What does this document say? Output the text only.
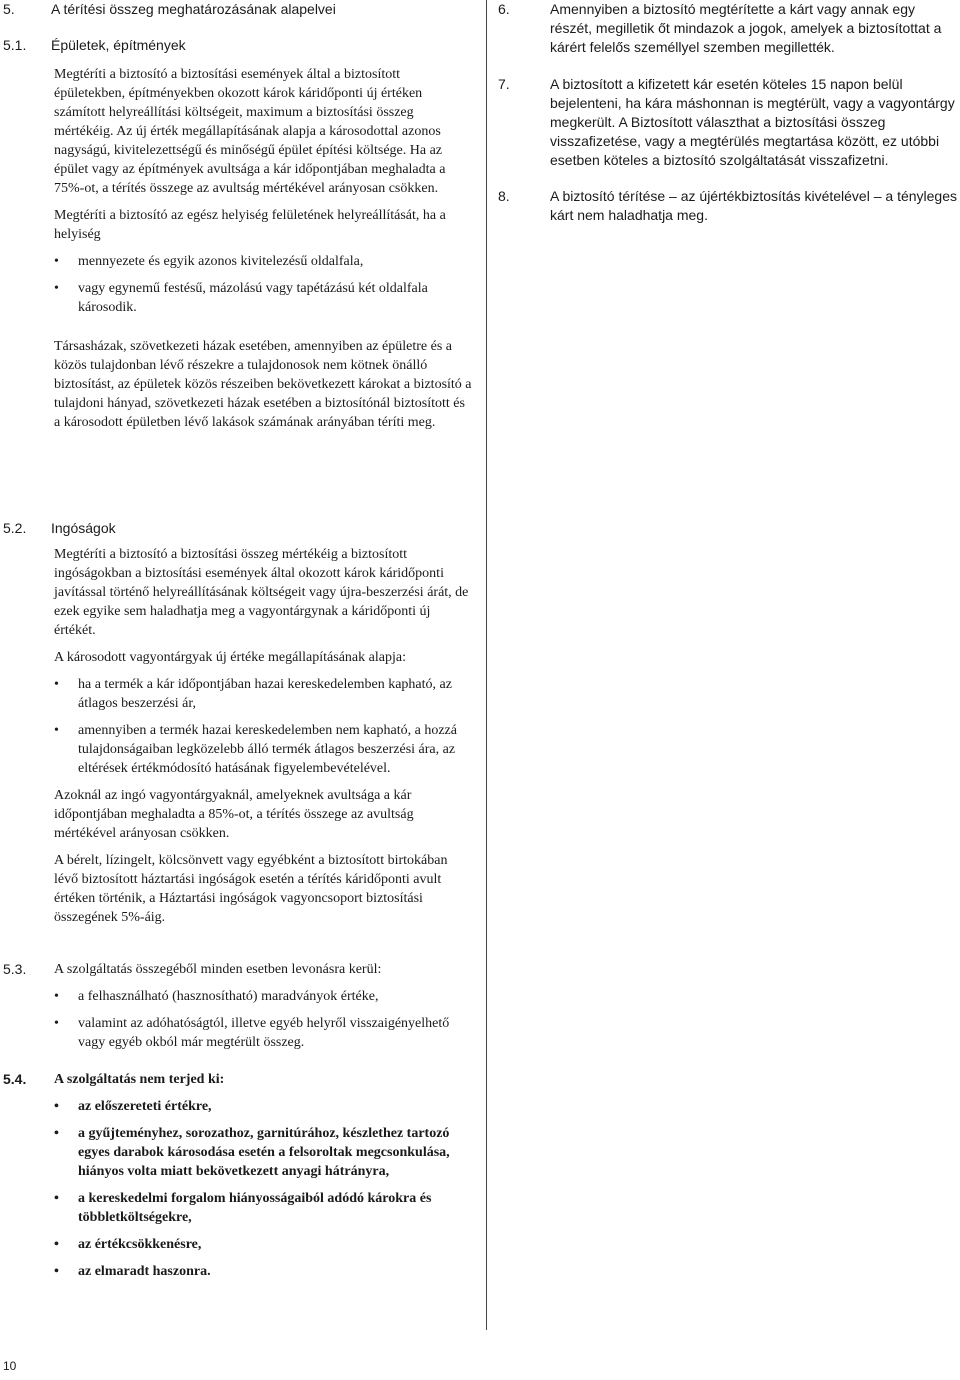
5.	A térítési összeg meghatározásának alapelvei
5.1. Épületek, építmények

Megtéríti a biztosító a biztosítási események által a biztosított épületekben, építményekben okozott károk káridőponti új értéken számított helyreállítási költségeit, maximum a biztosítási összeg mértékéig. Az új érték megállapításának alapja a károsodottal azonos nagyságú, kivitelezettségű és minőségű épület építési költsége. Ha az épület vagy az építmények avultsága a kár időpontjában meghaladta a 75%-ot, a térítés összege az avultság mértékével arányosan csökken.

Megtéríti a biztosító az egész helyiség felületének helyreállítását, ha a helyiség

• mennyezete és egyik azonos kivitelezésű oldalfala,
• vagy egynemű festésű, mázolású vagy tapétázású két oldalfala károsodik.

Társasházak, szövetkezeti házak esetében, amennyiben az épületre és a közös tulajdonban lévő részekre a tulajdonosok nem kötnek önálló biztosítást, az épületek közös részeiben bekövetkezett károkat a biztosító a tulajdoni hányad, szövetkezeti házak esetében a biztosítónál biztosított és a károsodott épületben lévő lakások számának arányában téríti meg.

5.2. Ingóságok

Megtéríti a biztosító a biztosítási összeg mértékéig a biztosított ingóságokban a biztosítási események által okozott károk káridőponti javítással történő helyreállításának költségeit vagy újra-beszerzési árát, de ezek egyike sem haladhatja meg a vagyontárgynak a káridőponti új értékét.

A károsodott vagyontárgyak új értéke megállapításának alapja:

• ha a termék a kár időpontjában hazai kereskedelemben kapható, az átlagos beszerzési ár,
• amennyiben a termék hazai kereskedelemben nem kapható, a hozzá tulajdonságaiban legközelebb álló termék átlagos beszerzési ára, az eltérések értékmódosító hatásának figyelembevételével.

Azoknál az ingó vagyontárgyaknál, amelyeknek avultsága a kár időpontjában meghaladta a 85%-ot, a térítés összege az avultság mértékével arányosan csökken.

A bérelt, lízingelt, kölcsönvett vagy egyébként a biztosított birtokában lévő biztosított háztartási ingóságok esetén a térítés káridőponti avult értéken történik, a Háztartási ingóságok vagyoncsoport biztosítási összegének 5%-áig.

5.3. A szolgáltatás összegéből minden esetben levonásra kerül:

• a felhasználható (hasznosítható) maradványok értéke,
• valamint az adóhatóságtól, illetve egyéb helyről visszaigényelhető vagy egyéb okból már megtérült összeg.
5.4. A szolgáltatás nem terjed ki:

• az előszereteti értékre,
• a gyűjteményhez, sorozathoz, garnitúrához, készlethez tartozó egyes darabok károsodása esetén a felsoroltak megcsonkulása, hiányos volta miatt bekövetkezett anyagi hátrányra,
• a kereskedelmi forgalom hiányosságaiból adódó károkra és többletköltségekre,
• az értékcsökkenésre,
• az elmaradt haszonra.
6.	Amennyiben a biztosító megtérítette a kárt vagy annak egy részét, megilletik őt mindazok a jogok, amelyek a biztosítottat a kárért felelős személlyel szemben megillették.

7.	A biztosított a kifizetett kár esetén köteles 15 napon belül bejelenteni, ha kára máshonnan is megtérült, vagy a vagyontárgy megkerült. A Biztosított választhat a biztosítási összeg visszafizetése, vagy a megtérülés megtartása között, ez utóbbi esetben köteles a biztosító szolgáltatását visszafizetni.

8.	A biztosító térítése – az újértékbiztosítás kivételével – a tényleges kárt nem haladhatja meg.

10
